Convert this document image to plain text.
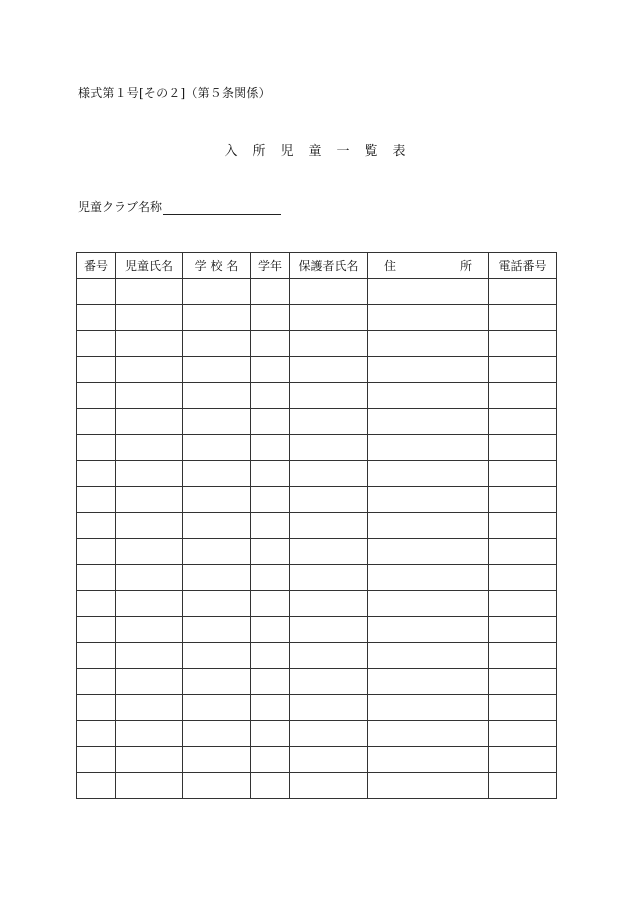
様式第１号[その２]（第５条関係）
入所児童一覧表
児童クラブ名称
番号	児童氏名	学 校 名	学年	保護者氏名	住 所	電話番号
